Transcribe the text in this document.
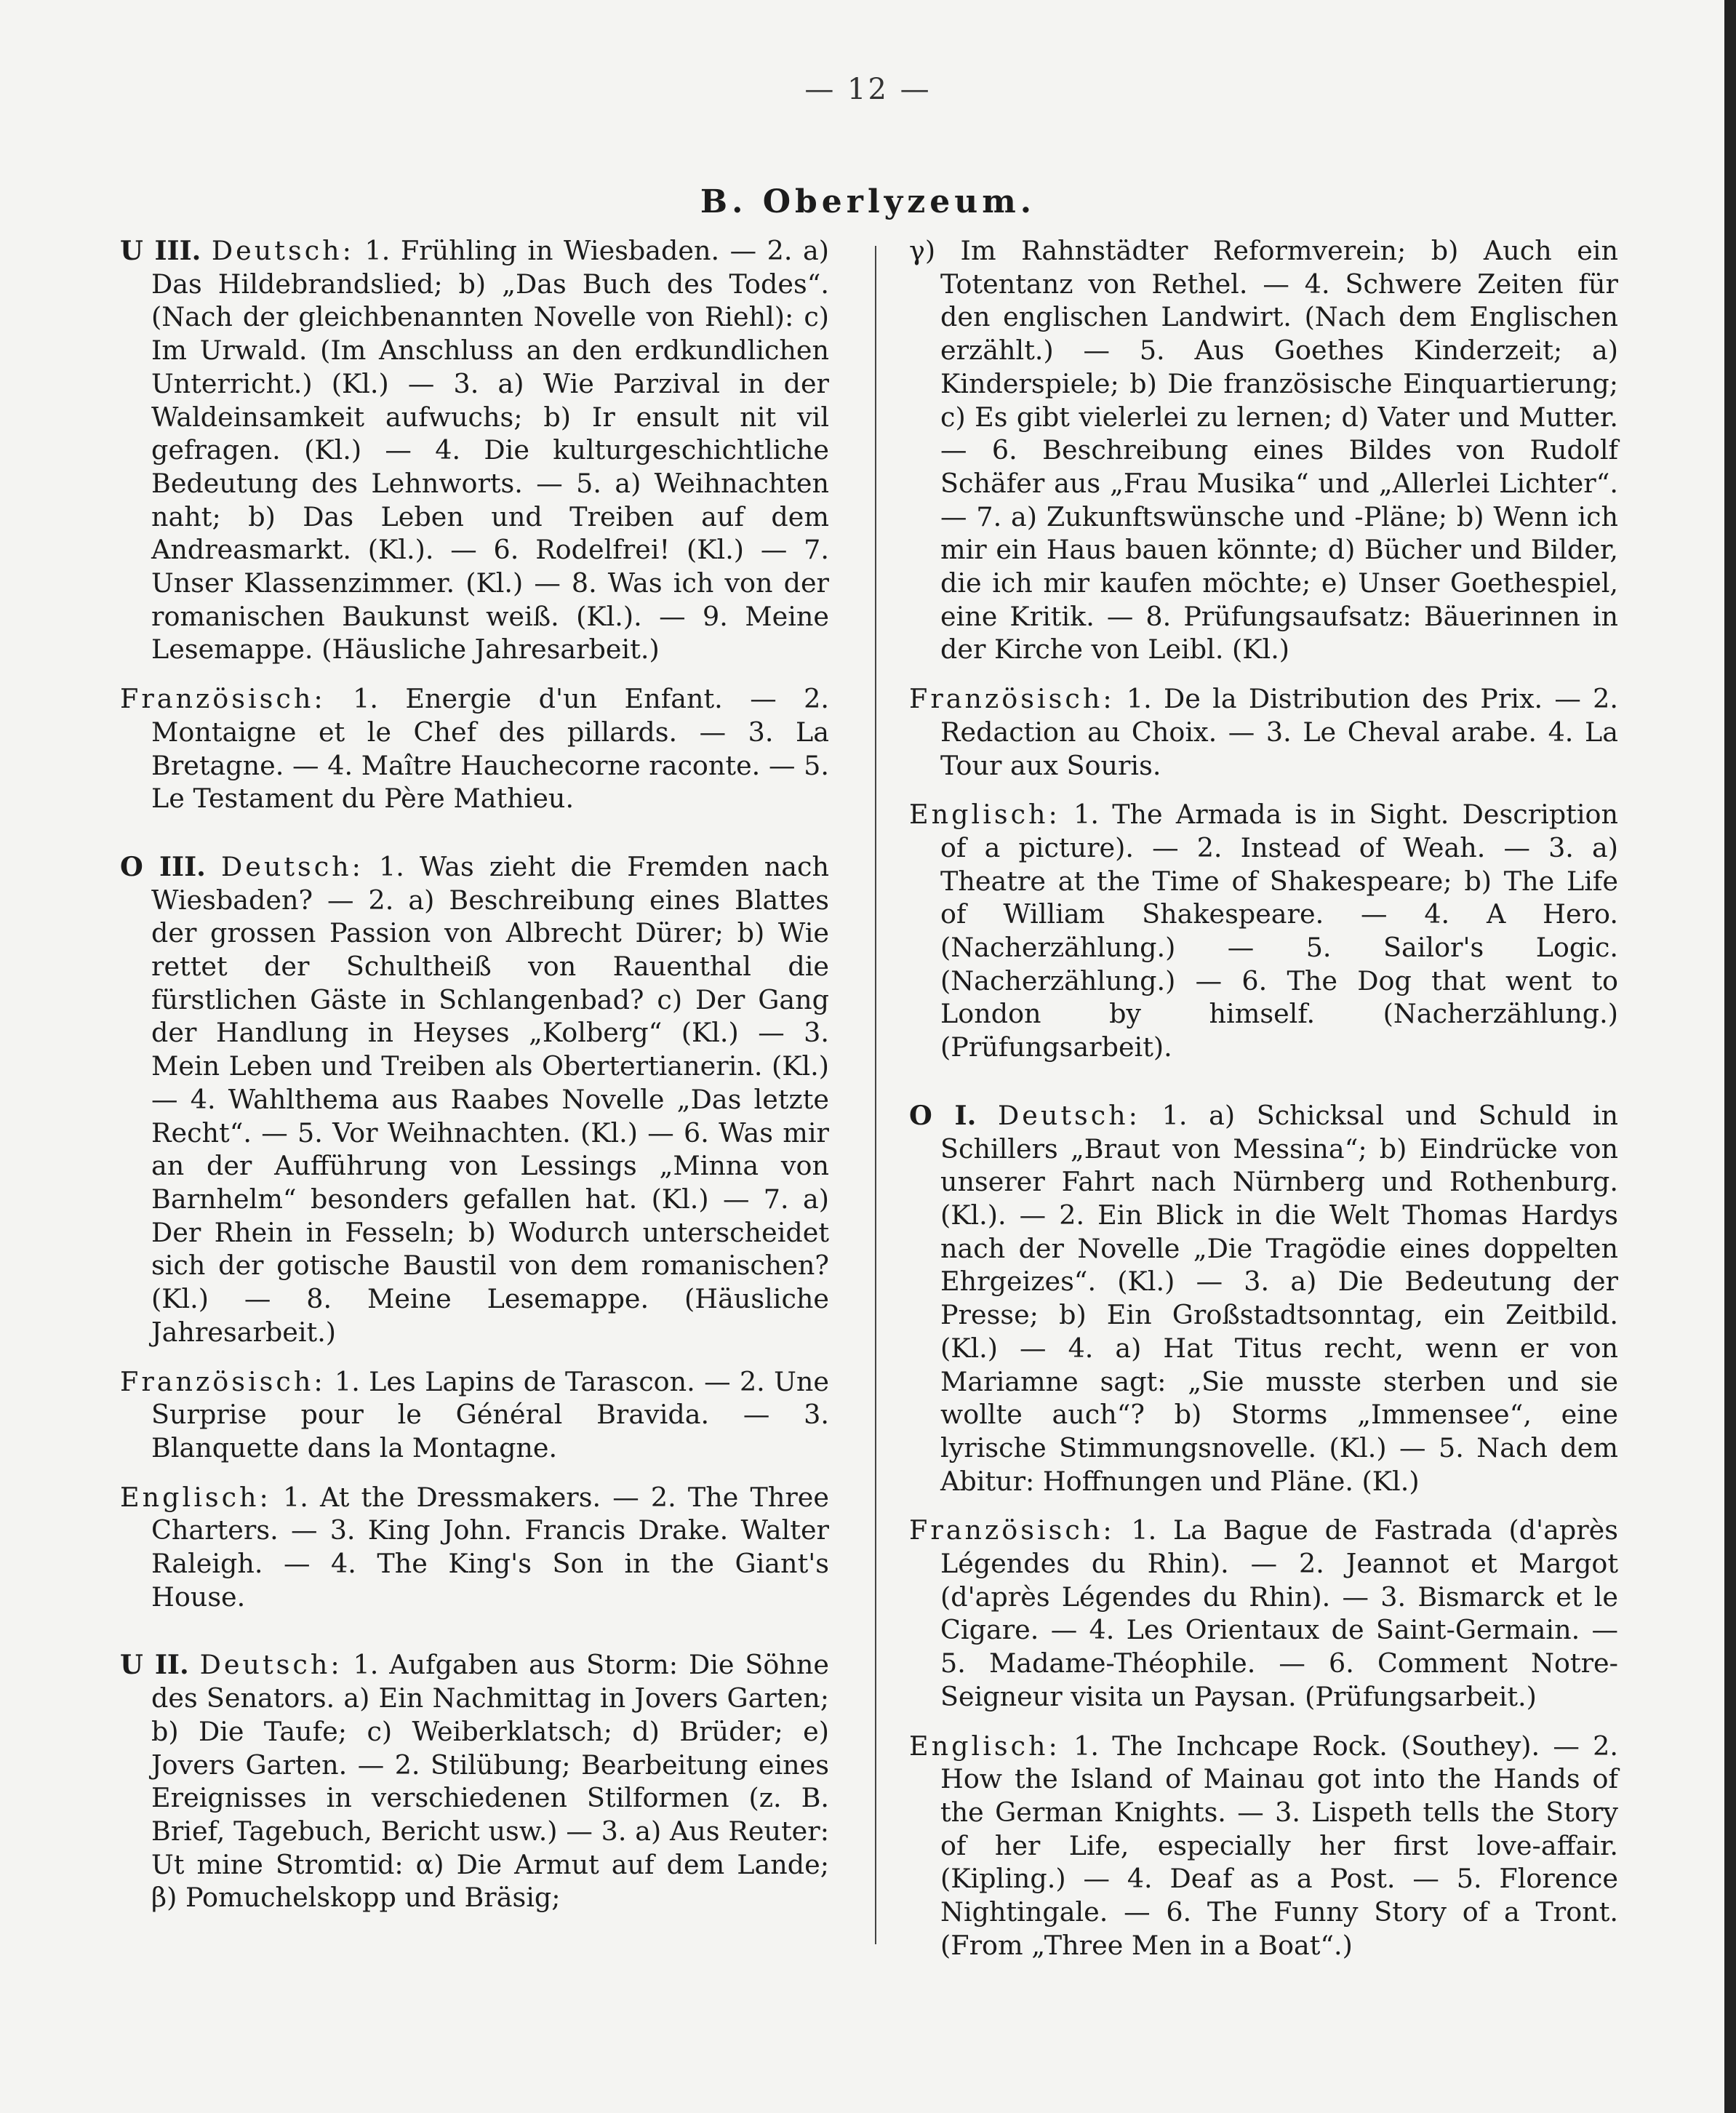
— 12 —
B. Oberlyzeum.

U III. Deutsch: 1. Frühling in Wiesbaden. — 2. a) Das Hildebrandslied; b) „Das Buch des Todes“. (Nach der gleichbenannten Novelle von Riehl): c) Im Urwald. (Im Anschluss an den erdkundlichen Unterricht.) (Kl.) — 3. a) Wie Parzival in der Waldeinsamkeit aufwuchs; b) Ir ensult nit vil gefragen. (Kl.) — 4. Die kulturgeschichtliche Bedeutung des Lehnworts. — 5. a) Weihnachten naht; b) Das Leben und Treiben auf dem Andreasmarkt. (Kl.). — 6. Rodelfrei! (Kl.) — 7. Unser Klassenzimmer. (Kl.) — 8. Was ich von der romanischen Baukunst weiß. (Kl.). — 9. Meine Lesemappe. (Häusliche Jahresarbeit.)

Französisch: 1. Energie d'un Enfant. — 2. Montaigne et le Chef des pillards. — 3. La Bretagne. — 4. Maître Hauchecorne raconte. — 5. Le Testament du Père Mathieu.

O III. Deutsch: 1. Was zieht die Fremden nach Wiesbaden? — 2. a) Beschreibung eines Blattes der grossen Passion von Albrecht Dürer; b) Wie rettet der Schultheiß von Rauenthal die fürstlichen Gäste in Schlangenbad? c) Der Gang der Handlung in Heyses „Kolberg“ (Kl.) — 3. Mein Leben und Treiben als Obertertianerin. (Kl.) — 4. Wahlthema aus Raabes Novelle „Das letzte Recht“. — 5. Vor Weihnachten. (Kl.) — 6. Was mir an der Aufführung von Lessings „Minna von Barnhelm“ besonders gefallen hat. (Kl.) — 7. a) Der Rhein in Fesseln; b) Wodurch unterscheidet sich der gotische Baustil von dem romanischen? (Kl.) — 8. Meine Lesemappe. (Häusliche Jahresarbeit.)

Französisch: 1. Les Lapins de Tarascon. — 2. Une Surprise pour le Général Bravida. — 3. Blanquette dans la Montagne.

Englisch: 1. At the Dressmakers. — 2. The Three Charters. — 3. King John. Francis Drake. Walter Raleigh. — 4. The King's Son in the Giant's House.

U II. Deutsch: 1. Aufgaben aus Storm: Die Söhne des Senators. a) Ein Nachmittag in Jovers Garten; b) Die Taufe; c) Weiberklatsch; d) Brüder; e) Jovers Garten. — 2. Stilübung; Bearbeitung eines Ereignisses in verschiedenen Stilformen (z. B. Brief, Tagebuch, Bericht usw.) — 3. a) Aus Reuter: Ut mine Stromtid: α) Die Armut auf dem Lande; β) Pomuchelskopp und Bräsig;

γ) Im Rahnstädter Reformverein; b) Auch ein Totentanz von Rethel. — 4. Schwere Zeiten für den englischen Landwirt. (Nach dem Englischen erzählt.) — 5. Aus Goethes Kinderzeit; a) Kinderspiele; b) Die französische Einquartierung; c) Es gibt vielerlei zu lernen; d) Vater und Mutter. — 6. Beschreibung eines Bildes von Rudolf Schäfer aus „Frau Musika“ und „Allerlei Lichter“. — 7. a) Zukunftswünsche und -Pläne; b) Wenn ich mir ein Haus bauen könnte; d) Bücher und Bilder, die ich mir kaufen möchte; e) Unser Goethespiel, eine Kritik. — 8. Prüfungsaufsatz: Bäuerinnen in der Kirche von Leibl. (Kl.)

Französisch: 1. De la Distribution des Prix. — 2. Redaction au Choix. — 3. Le Cheval arabe. 4. La Tour aux Souris.

Englisch: 1. The Armada is in Sight. Description of a picture). — 2. Instead of Weah. — 3. a) Theatre at the Time of Shakespeare; b) The Life of William Shakespeare. — 4. A Hero. (Nacherzählung.) — 5. Sailor's Logic. (Nacherzählung.) — 6. The Dog that went to London by himself. (Nacherzählung.) (Prüfungsarbeit).

O I. Deutsch: 1. a) Schicksal und Schuld in Schillers „Braut von Messina“; b) Eindrücke von unserer Fahrt nach Nürnberg und Rothenburg. (Kl.). — 2. Ein Blick in die Welt Thomas Hardys nach der Novelle „Die Tragödie eines doppelten Ehrgeizes“. (Kl.) — 3. a) Die Bedeutung der Presse; b) Ein Großstadtsonntag, ein Zeitbild. (Kl.) — 4. a) Hat Titus recht, wenn er von Mariamne sagt: „Sie musste sterben und sie wollte auch“? b) Storms „Immensee“, eine lyrische Stimmungsnovelle. (Kl.) — 5. Nach dem Abitur: Hoffnungen und Pläne. (Kl.)

Französisch: 1. La Bague de Fastrada (d'après Légendes du Rhin). — 2. Jeannot et Margot (d'après Légendes du Rhin). — 3. Bismarck et le Cigare. — 4. Les Orientaux de Saint-Germain. — 5. Madame-Théophile. — 6. Comment Notre-Seigneur visita un Paysan. (Prüfungsarbeit.)

Englisch: 1. The Inchcape Rock. (Southey). — 2. How the Island of Mainau got into the Hands of the German Knights. — 3. Lispeth tells the Story of her Life, especially her first love-affair. (Kipling.) — 4. Deaf as a Post. — 5. Florence Nightingale. — 6. The Funny Story of a Tront. (From „Three Men in a Boat“.)
